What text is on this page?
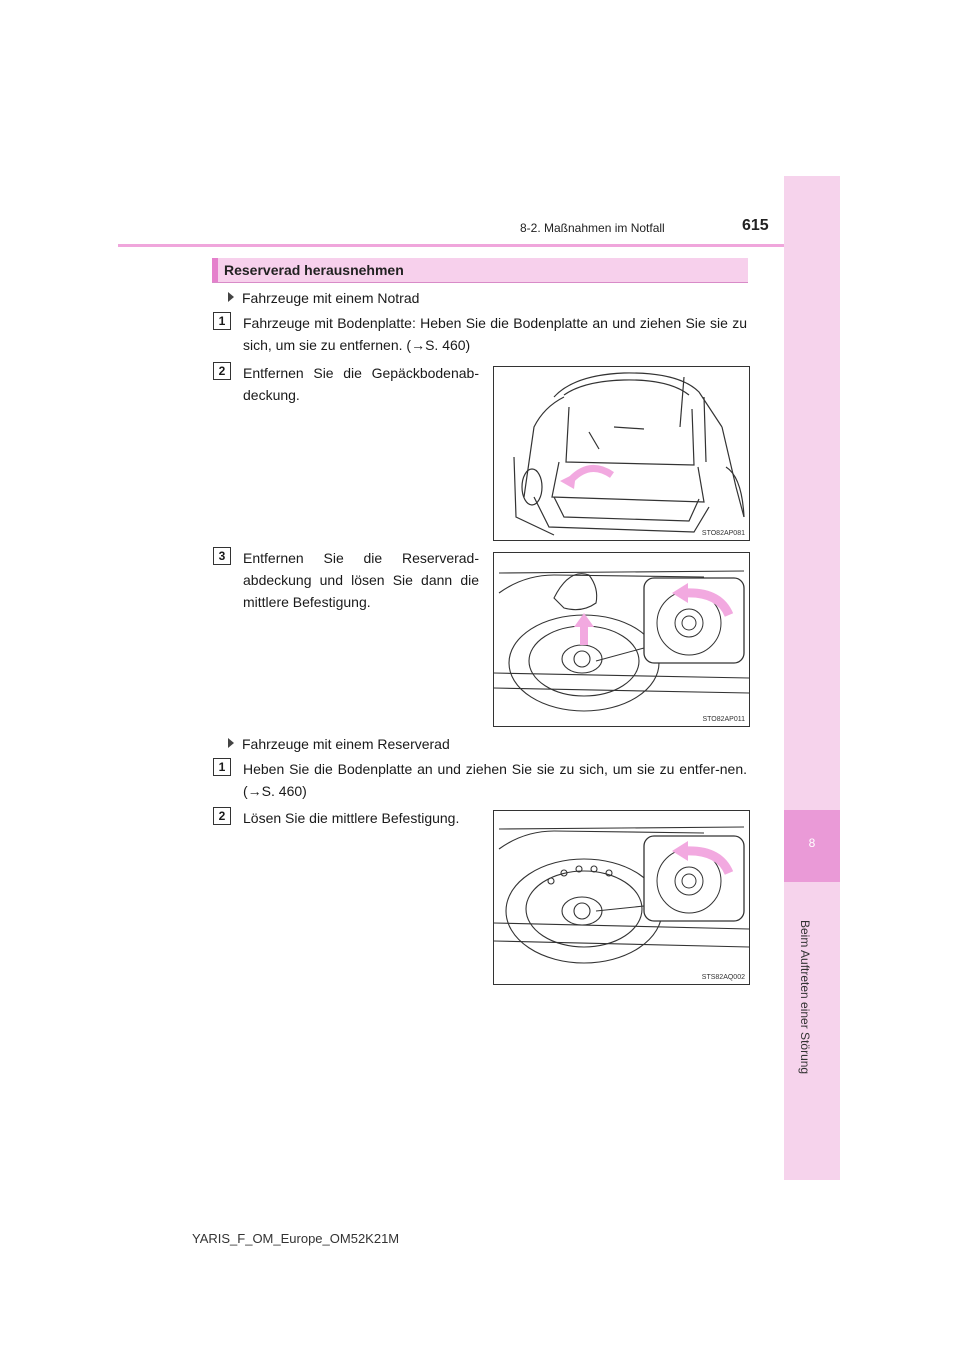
8
Beim Auftreten einer Störung
8-2. Maßnahmen im Notfall	615
Reserverad herausnehmen
Fahrzeuge mit einem Notrad
1	Fahrzeuge mit Bodenplatte: Heben Sie die Bodenplatte an und ziehen Sie sie zu sich, um sie zu entfernen. (→S. 460)
2	Entfernen Sie die Gepäckbodenab-deckung.
STO82AP081
3	Entfernen Sie die Reserverad-abdeckung und lösen Sie dann die mittlere Befestigung.
STO82AP011
Fahrzeuge mit einem Reserverad
1	Heben Sie die Bodenplatte an und ziehen Sie sie zu sich, um sie zu entfer-nen. (→S. 460)
2	Lösen Sie die mittlere Befestigung.
STS82AQ002
YARIS_F_OM_Europe_OM52K21M
